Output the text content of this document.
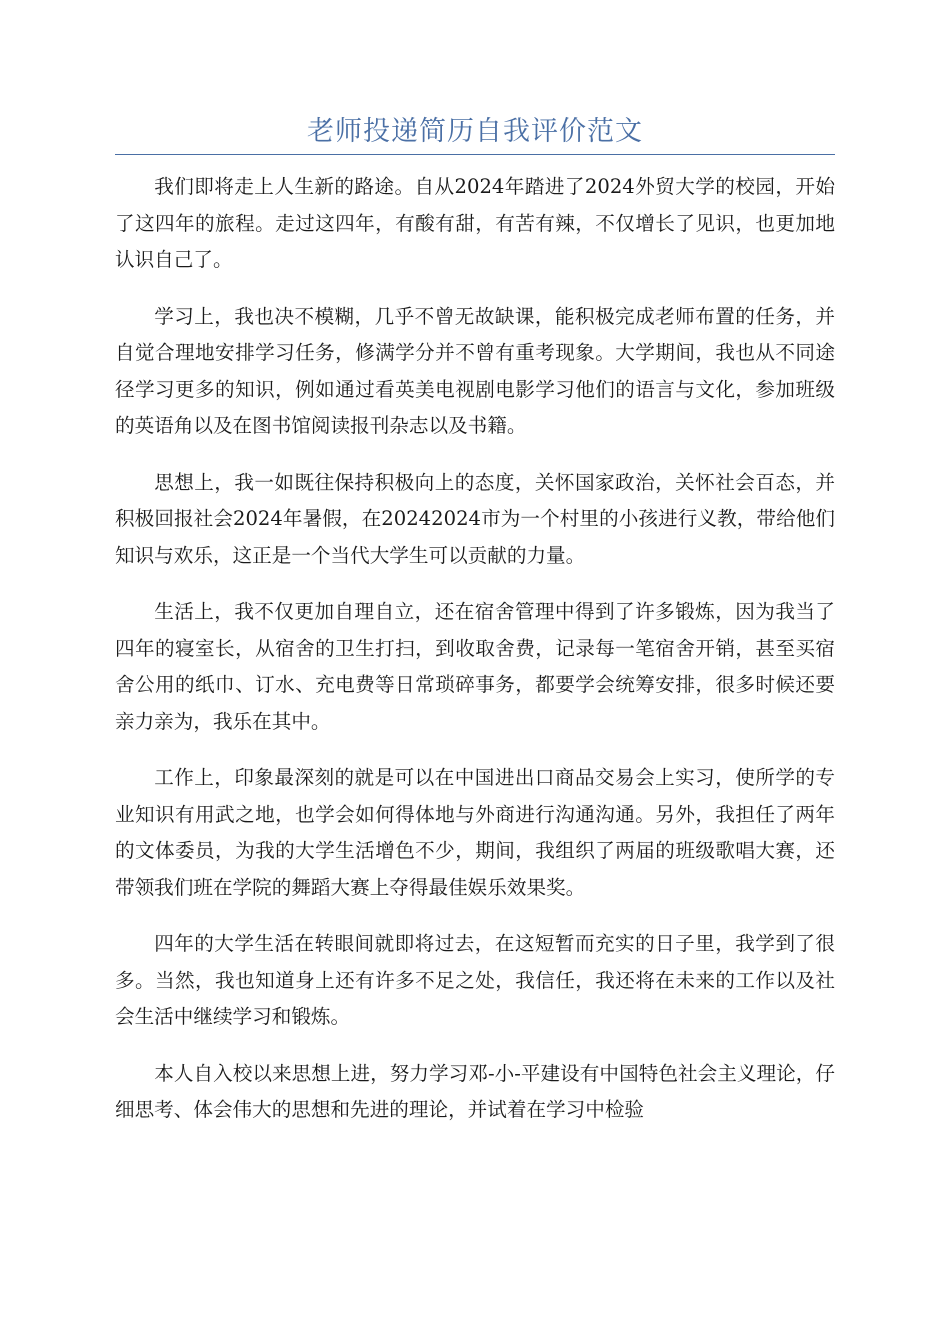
老师投递简历自我评价范文

我们即将走上人生新的路途。自从2024年踏进了2024外贸大学的校园，开始了这四年的旅程。走过这四年，有酸有甜，有苦有辣，不仅增长了见识，也更加地认识自己了。

学习上，我也决不模糊，几乎不曾无故缺课，能积极完成老师布置的任务，并自觉合理地安排学习任务，修满学分并不曾有重考现象。大学期间，我也从不同途径学习更多的知识，例如通过看英美电视剧电影学习他们的语言与文化，参加班级的英语角以及在图书馆阅读报刊杂志以及书籍。

思想上，我一如既往保持积极向上的态度，关怀国家政治，关怀社会百态，并积极回报社会2024年暑假，在20242024市为一个村里的小孩进行义教，带给他们知识与欢乐，这正是一个当代大学生可以贡献的力量。

生活上，我不仅更加自理自立，还在宿舍管理中得到了许多锻炼，因为我当了四年的寝室长，从宿舍的卫生打扫，到收取舍费，记录每一笔宿舍开销，甚至买宿舍公用的纸巾、订水、充电费等日常琐碎事务，都要学会统筹安排，很多时候还要亲力亲为，我乐在其中。

工作上，印象最深刻的就是可以在中国进出口商品交易会上实习，使所学的专业知识有用武之地，也学会如何得体地与外商进行沟通沟通。另外，我担任了两年的文体委员，为我的大学生活增色不少，期间，我组织了两届的班级歌唱大赛，还带领我们班在学院的舞蹈大赛上夺得最佳娱乐效果奖。

四年的大学生活在转眼间就即将过去，在这短暂而充实的日子里，我学到了很多。当然，我也知道身上还有许多不足之处，我信任，我还将在未来的工作以及社会生活中继续学习和锻炼。

本人自入校以来思想上进，努力学习邓-小-平建设有中国特色社会主义理论，仔细思考、体会伟大的思想和先进的理论，并试着在学习中检验
